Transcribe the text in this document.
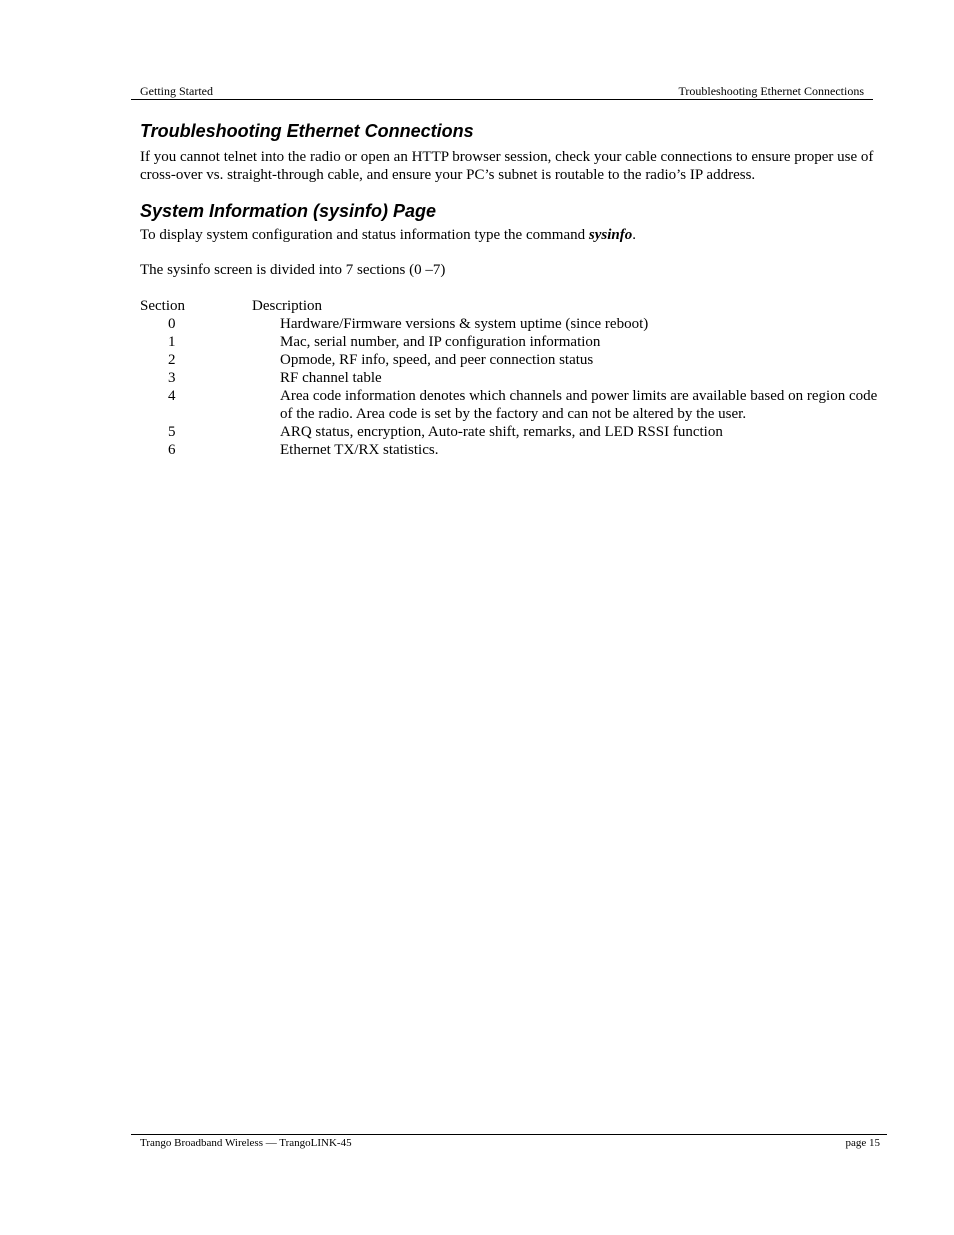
Getting Started	Troubleshooting Ethernet Connections
Troubleshooting Ethernet Connections

If you cannot telnet into the radio or open an HTTP browser session, check your cable connections to ensure proper use of cross-over vs. straight-through cable, and ensure your PC’s subnet is routable to the radio’s IP address.

System Information (sysinfo) Page

To display system configuration and status information type the command sysinfo.

The sysinfo screen is divided into 7 sections (0 –7)

Section	Description
0	Hardware/Firmware versions & system uptime (since reboot)
1	Mac, serial number, and IP configuration information
2	Opmode, RF info, speed, and peer connection status
3	RF channel table
4	Area code information denotes which channels and power limits are available based on region code of the radio. Area code is set by the factory and can not be altered by the user.
5	ARQ status, encryption, Auto-rate shift, remarks, and LED RSSI function
6	Ethernet TX/RX statistics.
Trango Broadband Wireless — TrangoLINK-45	page 15
